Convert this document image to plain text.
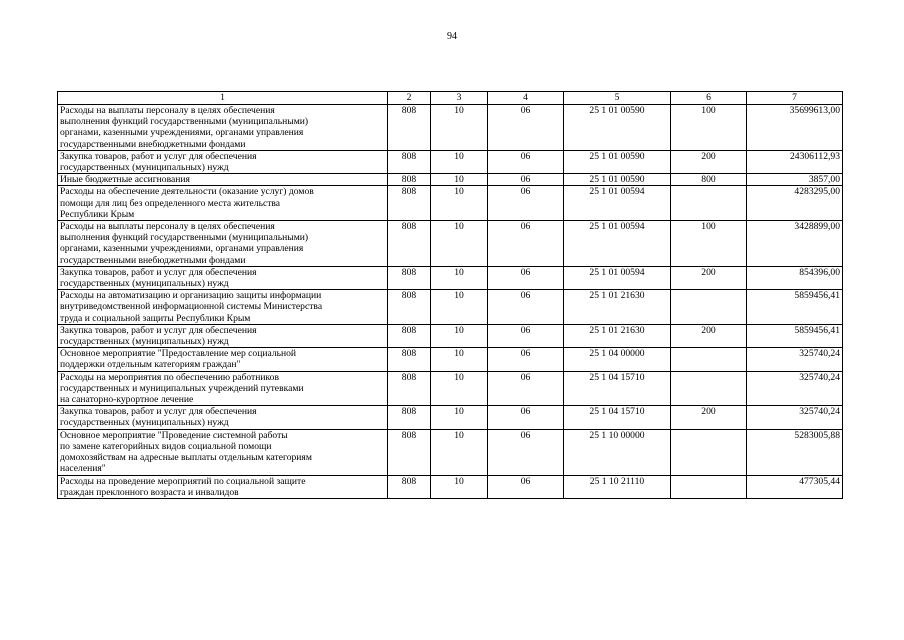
94
1	2	3	4	5	6	7
Расходы на выплаты персоналу в целях обеспечения
выполнения функций государственными (муниципальными)
органами, казенными учреждениями, органами управления
государственными внебюджетными фондами	808	10	06	25 1 01 00590	100	35699613,00
Закупка товаров, работ и услуг для обеспечения
государственных (муниципальных) нужд	808	10	06	25 1 01 00590	200	24306112,93
Иные бюджетные ассигнования	808	10	06	25 1 01 00590	800	3857,00
Расходы на обеспечение деятельности (оказание услуг) домов
помощи для лиц без определенного места жительства
Республики Крым	808	10	06	25 1 01 00594		4283295,00
Расходы на выплаты персоналу в целях обеспечения
выполнения функций государственными (муниципальными)
органами, казенными учреждениями, органами управления
государственными внебюджетными фондами	808	10	06	25 1 01 00594	100	3428899,00
Закупка товаров, работ и услуг для обеспечения
государственных (муниципальных) нужд	808	10	06	25 1 01 00594	200	854396,00
Расходы на автоматизацию и организацию защиты информации
внутриведомственной информационной системы Министерства
труда и социальной защиты Республики Крым	808	10	06	25 1 01 21630		5859456,41
Закупка товаров, работ и услуг для обеспечения
государственных (муниципальных) нужд	808	10	06	25 1 01 21630	200	5859456,41
Основное мероприятие "Предоставление мер социальной
поддержки отдельным категориям граждан"	808	10	06	25 1 04 00000		325740,24
Расходы на мероприятия по обеспечению работников
государственных и муниципальных учреждений путевками
на санаторно-курортное лечение	808	10	06	25 1 04 15710		325740,24
Закупка товаров, работ и услуг для обеспечения
государственных (муниципальных) нужд	808	10	06	25 1 04 15710	200	325740,24
Основное мероприятие "Проведение системной работы
по замене категорийных видов социальной помощи
домохозяйствам на адресные выплаты отдельным категориям
населения"	808	10	06	25 1 10 00000		5283005,88
Расходы на проведение мероприятий по социальной защите
граждан преклонного возраста и инвалидов	808	10	06	25 1 10 21110		477305,44
